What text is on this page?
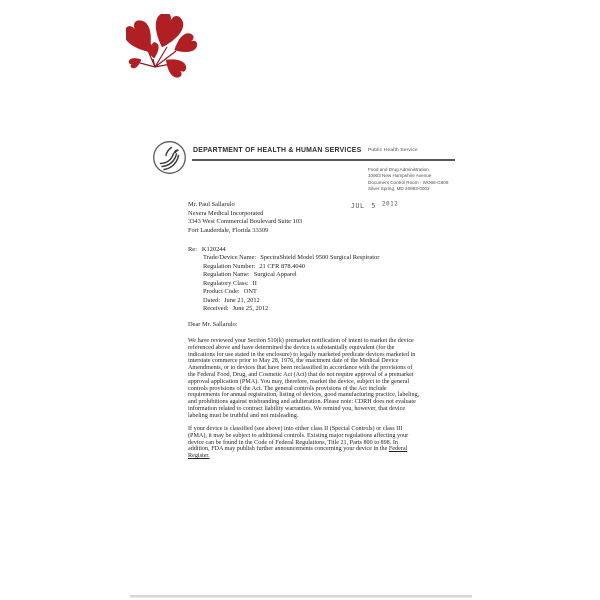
DEPARTMENT OF HEALTH & HUMAN SERVICES	Public Health Service
Food and Drug Administration
10903 New Hampshire Avenue
Document Control Room - WO66-G609
Silver Spring, MD 20993-0002
Mr. Paul Sallarulo
Nexera Medical Incorporated
3343 West Commercial Boulevard Suite 103
Fort Lauderdale, Florida 33309
JUL 5 2012
Re: K120244
Trade/Device Name: SpectraShield Model 9500 Surgical Respirator
Regulation Number: 21 CFR 878.4040
Regulation Name: Surgical Apparel
Regulatory Class: II
Product Code: ONT
Dated: June 21, 2012
Received: June 25, 2012
Dear Mr. Sallarulo:
We have reviewed your Section 510(k) premarket notification of intent to market the device referenced above and have determined the device is substantially equivalent (for the indications for use stated in the enclosure) to legally marketed predicate devices marketed in interstate commerce prior to May 28, 1976, the enactment date of the Medical Device Amendments, or to devices that have been reclassified in accordance with the provisions of the Federal Food, Drug, and Cosmetic Act (Act) that do not require approval of a premarket approval application (PMA). You may, therefore, market the device, subject to the general controls provisions of the Act. The general controls provisions of the Act include requirements for annual registration, listing of devices, good manufacturing practice, labeling, and prohibitions against misbranding and adulteration. Please note: CDRH does not evaluate information related to contract liability warranties. We remind you, however, that device labeling must be truthful and not misleading.
If your device is classified (see above) into either class II (Special Controls) or class III (PMA), it may be subject to additional controls. Existing major regulations affecting your device can be found in the Code of Federal Regulations, Title 21, Parts 800 to 898. In addition, FDA may publish further announcements concerning your device in the Federal Register.
